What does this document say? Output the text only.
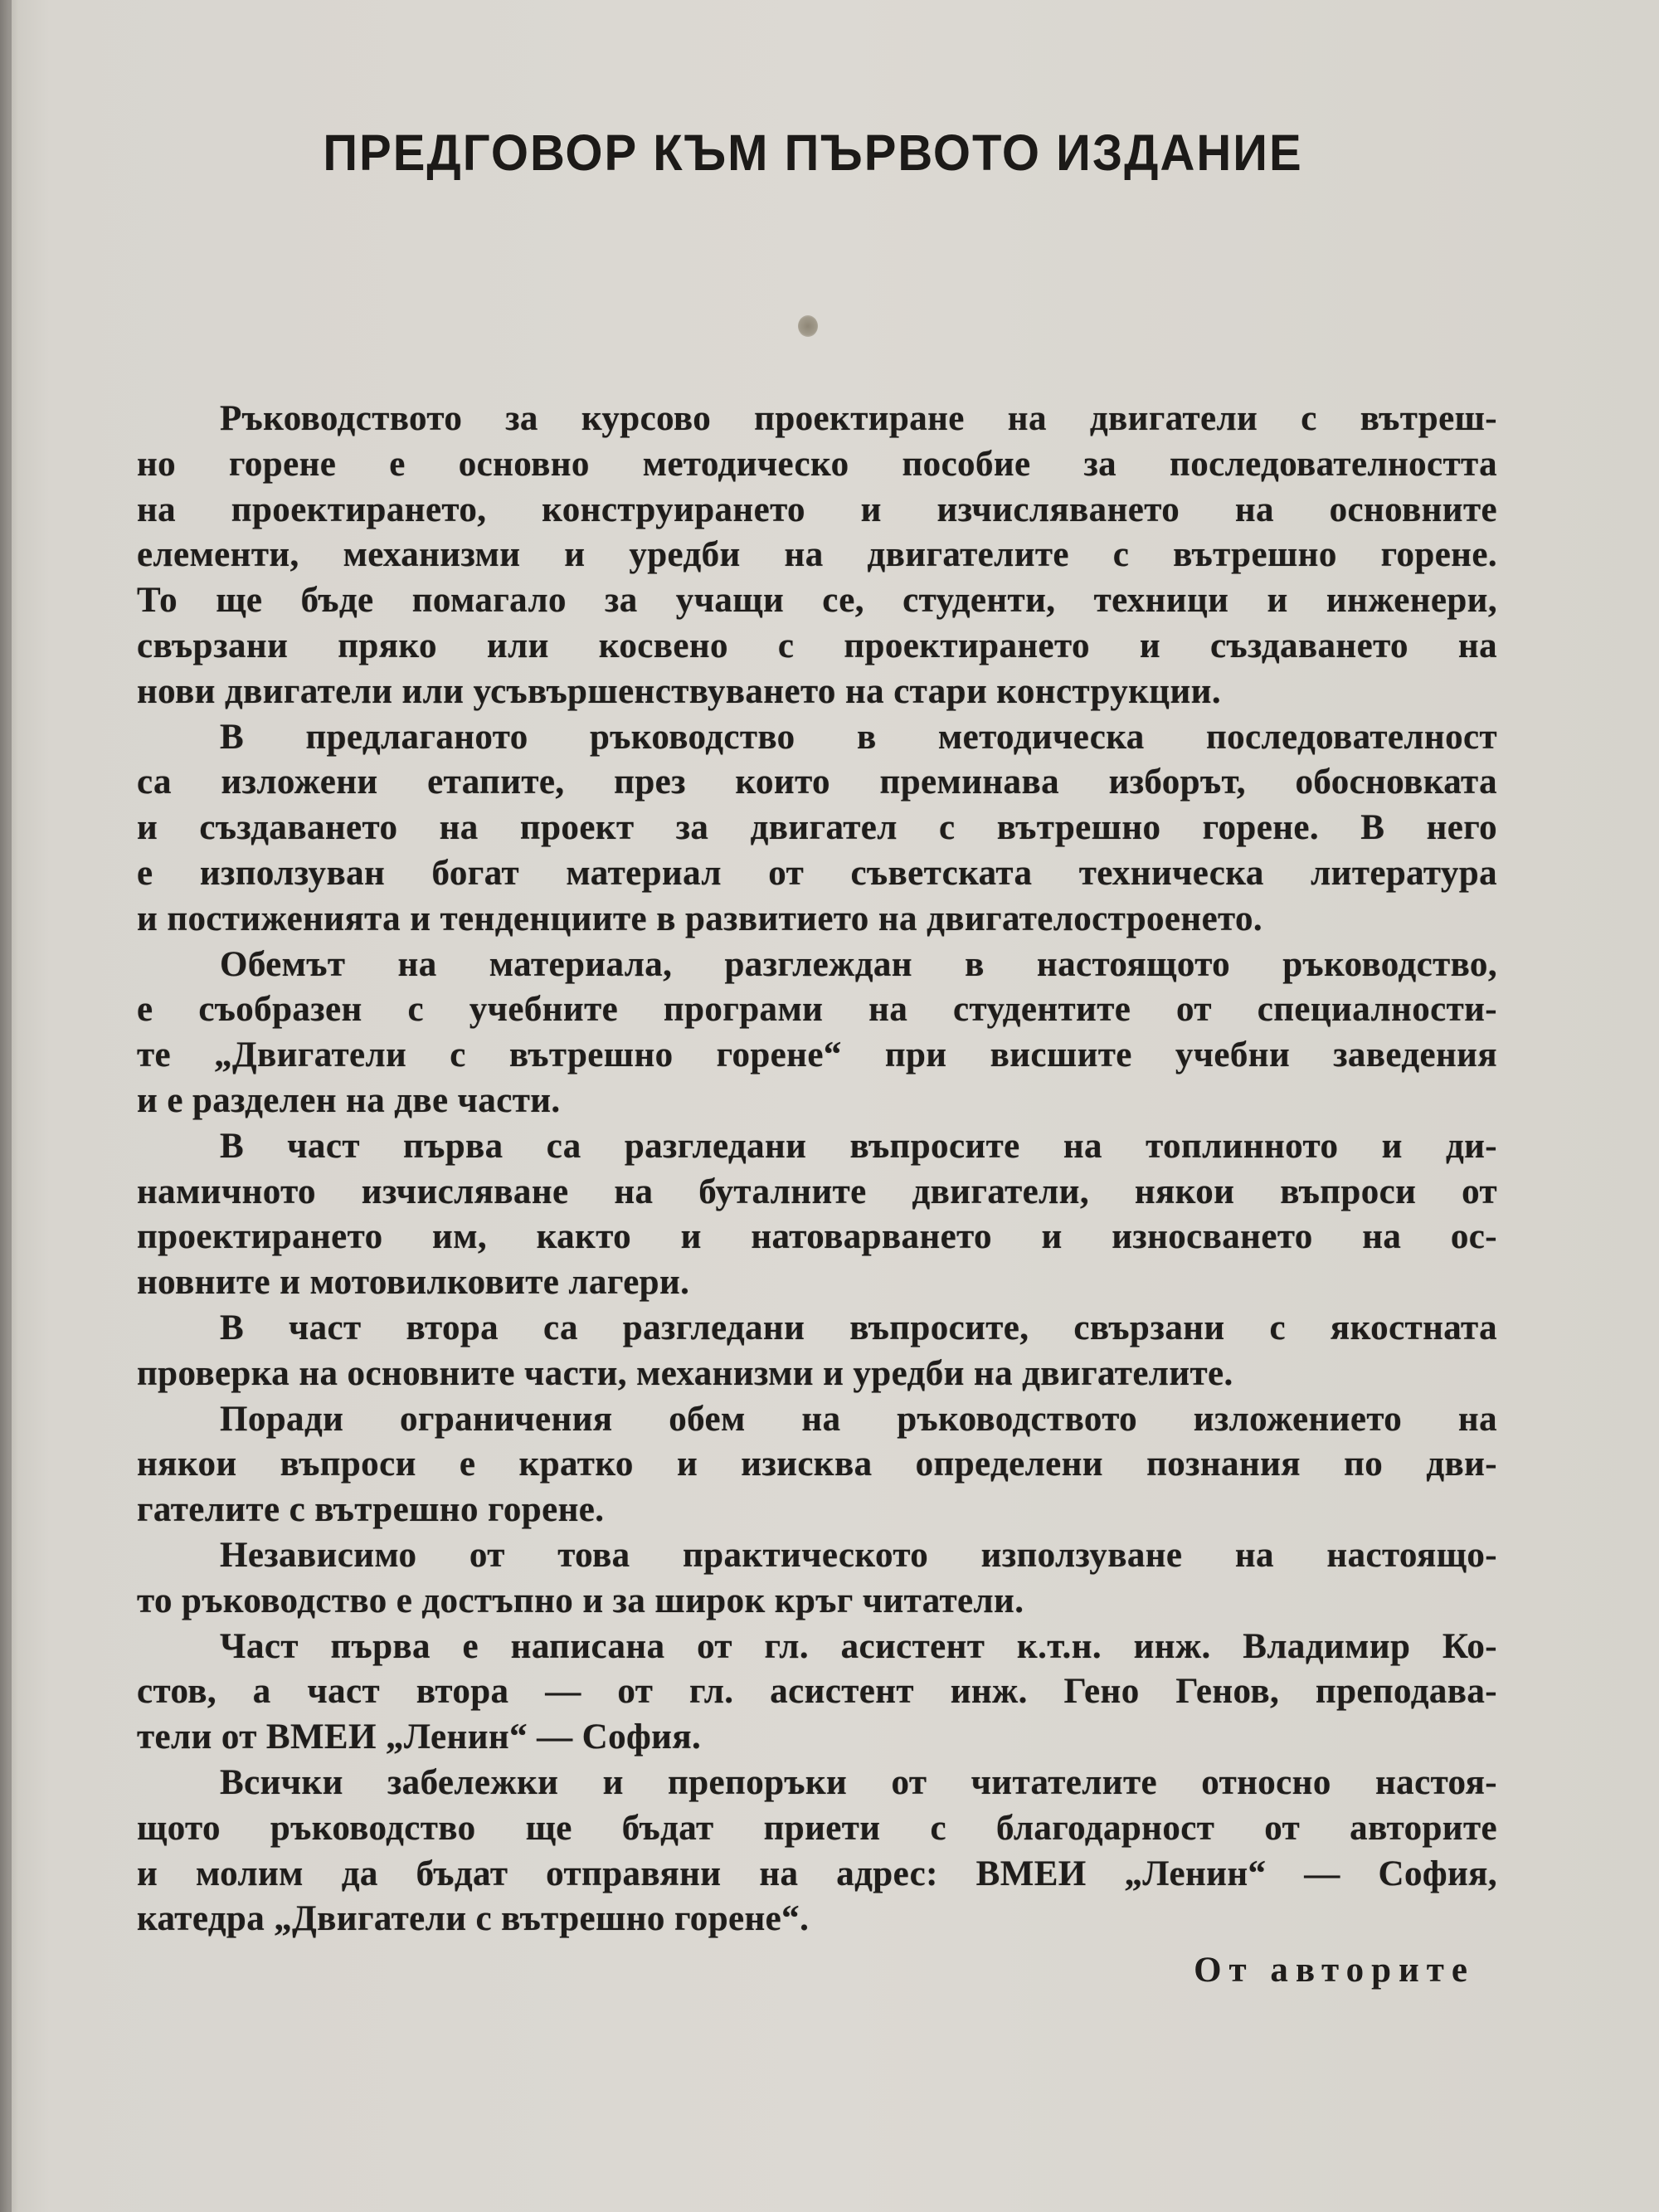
ПРЕДГОВОР КЪМ ПЪРВОТО ИЗДАНИЕ
Ръководството за курсово проектиране на двигатели с вътреш-
но горене е основно методическо пособие за последователността
на проектирането, конструирането и изчисляването на основните
елементи, механизми и уредби на двигателите с вътрешно горене.
То ще бъде помагало за учащи се, студенти, техници и инженери,
свързани пряко или косвено с проектирането и създаването на
нови двигатели или усъвършенствуването на стари конструкции.
В предлаганото ръководство в методическа последователност
са изложени етапите, през които преминава изборът, обосновката
и създаването на проект за двигател с вътрешно горене. В него
е използуван богат материал от съветската техническа литература
и постиженията и тенденциите в развитието на двигателостроенето.
Обемът на материала, разглеждан в настоящото ръководство,
е съобразен с учебните програми на студентите от специалности-
те „Двигатели с вътрешно горене“ при висшите учебни заведения
и е разделен на две части.
В част първа са разгледани въпросите на топлинното и ди-
намичното изчисляване на буталните двигатели, някои въпроси от
проектирането им, както и натоварването и износването на ос-
новните и мотовилковите лагери.
В част втора са разгледани въпросите, свързани с якостната
проверка на основните части, механизми и уредби на двигателите.
Поради ограничения обем на ръководството изложението на
някои въпроси е кратко и изисква определени познания по дви-
гателите с вътрешно горене.
Независимо от това практическото използуване на настоящо-
то ръководство е достъпно и за широк кръг читатели.
Част първа е написана от гл. асистент к.т.н. инж. Владимир Ко-
стов, а част втора — от гл. асистент инж. Гено Генов, преподава-
тели от ВМЕИ „Ленин“ — София.
Всички забележки и препоръки от читателите относно настоя-
щото ръководство ще бъдат приети с благодарност от авторите
и молим да бъдат отправяни на адрес: ВМЕИ „Ленин“ — София,
катедра „Двигатели с вътрешно горене“.
От авторите
